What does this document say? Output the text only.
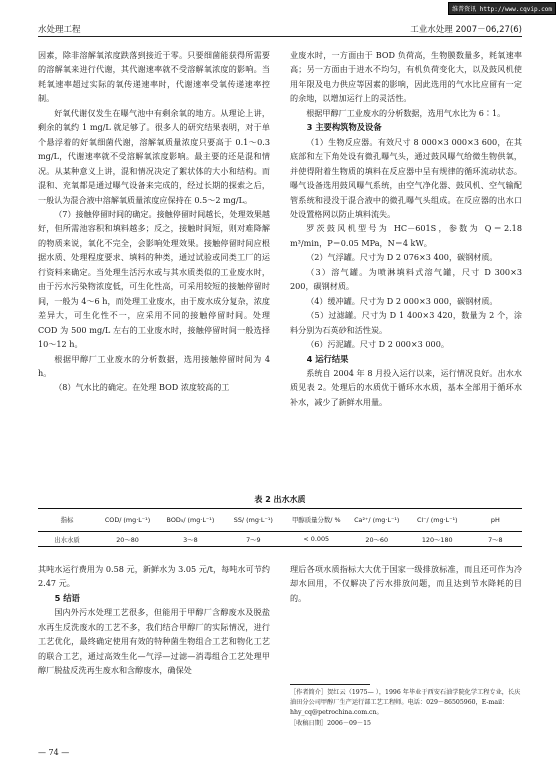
维普资讯 http://www.cqvip.com
水处理工程	工业水处理 2007－06,27(6)

因素，除非溶解氧浓度跌落到接近于零。只要细菌能获得所需要的溶解氧来进行代谢，其代谢速率就不受溶解氧浓度的影响。当耗氧速率超过实际的氧传递速率时，代谢速率受氧传递速率控制。

好氧代谢仅发生在曝气池中有剩余氧的地方。从理论上讲，剩余的氧约 1 mg/L 就足够了。很多人的研究结果表明，对于单个悬浮着的好氧细菌代谢，溶解氧质量浓度只要高于 0.1～0.3 mg/L，代谢速率就不受溶解氧浓度影响。最主要的还是混和情况。从某种意义上讲，混和情况决定了絮状体的大小和结构。而混和、充氧都是通过曝气设备来完成的，经过长期的探索之后，一般认为混合液中溶解氧质量浓度应保持在 0.5～2 mg/L。

（7）接触停留时间的确定。接触停留时间越长，处理效果越好，但所需池容积和填料越多；反之，接触时间短，则对难降解的物质来说，氧化不完全，会影响处理效果。接触停留时间应根据水质、处理程度要求、填料的种类，通过试验或同类工厂的运行资料来确定。当处理生活污水或与其水质类似的工业废水时，由于污水污染物浓度低，可生化性高，可采用较短的接触停留时间，一般为 4～6 h，而处理工业废水，由于废水成分复杂，浓度差异大，可生化性不一，应采用不同的接触停留时间。处理 COD 为 500 mg/L 左右的工业废水时，接触停留时间一般选择 10～12 h。

根据甲醇厂工业废水的分析数据，选用接触停留时间为 4 h。

（8）气水比的确定。在处理 BOD 浓度较高的工

业废水时，一方面由于 BOD 负荷高，生物膜数量多，耗氧速率高；另一方面由于进水不均匀，有机负荷变化大，以及鼓风机使用年限及电力供应等因素的影响，因此选用的气水比应留有一定的余地，以增加运行上的灵活性。

根据甲醇厂工业废水的分析数据，选用气水比为 6∶1。

3 主要构筑物及设备

（1）生物反应器。有效尺寸 8 000×3 000×3 600，在其底部和左下角处设有微孔曝气头，通过鼓风曝气给微生物供氧，并使得附着生物质的填料在反应器中呈有规律的循环流动状态。曝气设备选用鼓风曝气系统，由空气净化器、鼓风机、空气输配管系统和浸没于混合液中的微孔曝气头组成。在反应器的出水口处设置格网以防止填料流失。

罗茨鼓风机型号为 HC－601S，参数为 Q＝2.18 m³/min，P＝0.05 MPa，N＝4 kW。

（2）气浮罐。尺寸为 D 2 076×3 400，碳钢材质。

（3）溶气罐。为喷淋填料式溶气罐，尺寸 D 300×3 200，碳钢材质。

（4）缓冲罐。尺寸为 D 2 000×3 000，碳钢材质。

（5）过滤罐。尺寸为 D 1 400×3 420，数量为 2 个，涂料分别为石英砂和活性炭。

（6）污泥罐。尺寸 D 2 000×3 000。

4 运行结果

系统自 2004 年 8 月投入运行以来，运行情况良好。出水水质见表 2。处理后的水质优于循环水水质，基本全部用于循环水补水，减少了新鲜水用量。

表 2 出水水质
指标	COD/ (mg·L⁻¹)	BOD₅/ (mg·L⁻¹)	SS/ (mg·L⁻¹)	甲醇质量分数/ %	Ca²⁺/ (mg·L⁻¹)	Cl⁻/ (mg·L⁻¹)	pH
出水水质	20～80	3～8	7～9	< 0.005	20～60	120～180	7～8

其吨水运行费用为 0.58 元，新鲜水为 3.05 元/t，每吨水可节约 2.47 元。

5 结语

国内外污水处理工艺很多，但能用于甲醇厂含醇废水及脱盐水再生反洗废水的工艺不多，我们结合甲醇厂的实际情况，进行工艺优化，最终确定使用有效的特种菌生物组合工艺和物化工艺的联合工艺，通过高效生化—气浮—过滤—消毒组合工艺处理甲醇厂脱盐反洗再生废水和含醇废水，确保处

理后各项水质指标大大优于国家一级排放标准，而且还可作为冷却水回用，不仅解决了污水排放问题，而且达到节水降耗的目的。

［作者简介］贺红云（1975— ），1996 年毕业于西安石油学院化学工程专业，长庆油田分公司甲醇厂生产运行部工艺工程师。电话：029－86505960，E-mail：hhy_cq@petrochina.com.cn。
［收稿日期］2006－09－15
— 74 —
